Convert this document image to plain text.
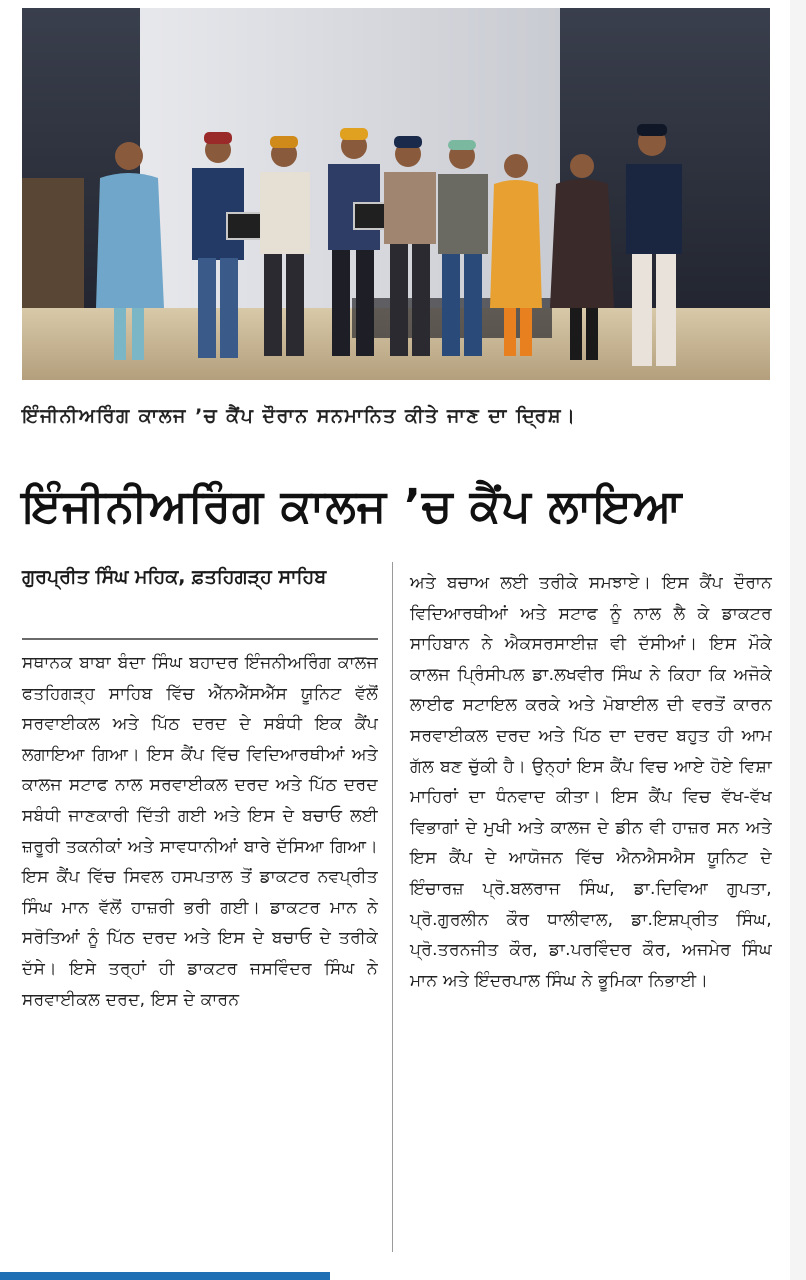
ਇੰਜੀਨੀਅਰਿੰਗ ਕਾਲਜ ’ਚ ਕੈਂਪ ਦੌਰਾਨ ਸਨਮਾਨਿਤ ਕੀਤੇ ਜਾਣ ਦਾ ਦ੍ਰਿਸ਼।
ਇੰਜੀਨੀਅਰਿੰਗ ਕਾਲਜ ’ਚ ਕੈਂਪ ਲਾਇਆ
ਗੁਰਪ੍ਰੀਤ ਸਿੰਘ ਮਹਿਕ, ਫ਼ਤਹਿਗੜ੍ਹ ਸਾਹਿਬ
ਸਥਾਨਕ ਬਾਬਾ ਬੰਦਾ ਸਿੰਘ ਬਹਾਦਰ ਇੰਜਨੀਅਰਿੰਗ ਕਾਲਜ ਫਤਹਿਗੜ੍ਹ ਸਾਹਿਬ ਵਿੱਚ ਐੱਨਐੱਸਐੱਸ ਯੂਨਿਟ ਵੱਲੋਂ ਸਰਵਾਈਕਲ ਅਤੇ ਪਿੱਠ ਦਰਦ ਦੇ ਸਬੰਧੀ ਇਕ ਕੈਂਪ ਲਗਾਇਆ ਗਿਆ। ਇਸ ਕੈਂਪ ਵਿੱਚ ਵਿਦਿਆਰਥੀਆਂ ਅਤੇ ਕਾਲਜ ਸਟਾਫ ਨਾਲ ਸਰਵਾਈਕਲ ਦਰਦ ਅਤੇ ਪਿੱਠ ਦਰਦ ਸਬੰਧੀ ਜਾਣਕਾਰੀ ਦਿੱਤੀ ਗਈ ਅਤੇ ਇਸ ਦੇ ਬਚਾਓ ਲਈ ਜ਼ਰੂਰੀ ਤਕਨੀਕਾਂ ਅਤੇ ਸਾਵਧਾਨੀਆਂ ਬਾਰੇ ਦੱਸਿਆ ਗਿਆ। ਇਸ ਕੈਂਪ ਵਿੱਚ ਸਿਵਲ ਹਸਪਤਾਲ ਤੋਂ ਡਾਕਟਰ ਨਵਪ੍ਰੀਤ ਸਿੰਘ ਮਾਨ ਵੱਲੋਂ ਹਾਜ਼ਰੀ ਭਰੀ ਗਈ। ਡਾਕਟਰ ਮਾਨ ਨੇ ਸਰੋਤਿਆਂ ਨੂੰ ਪਿੱਠ ਦਰਦ ਅਤੇ ਇਸ ਦੇ ਬਚਾਓ ਦੇ ਤਰੀਕੇ ਦੱਸੇ। ਇਸੇ ਤਰ੍ਹਾਂ ਹੀ ਡਾਕਟਰ ਜਸਵਿੰਦਰ ਸਿੰਘ ਨੇ ਸਰਵਾਈਕਲ ਦਰਦ, ਇਸ ਦੇ ਕਾਰਨ
ਅਤੇ ਬਚਾਅ ਲਈ ਤਰੀਕੇ ਸਮਝਾਏ। ਇਸ ਕੈਂਪ ਦੌਰਾਨ ਵਿਦਿਆਰਥੀਆਂ ਅਤੇ ਸਟਾਫ ਨੂੰ ਨਾਲ ਲੈ ਕੇ ਡਾਕਟਰ ਸਾਹਿਬਾਨ ਨੇ ਐਕਸਰਸਾਈਜ਼ ਵੀ ਦੱਸੀਆਂ। ਇਸ ਮੌਕੇ ਕਾਲਜ ਪ੍ਰਿੰਸੀਪਲ ਡਾ.ਲਖਵੀਰ ਸਿੰਘ ਨੇ ਕਿਹਾ ਕਿ ਅਜੋਕੇ ਲਾਈਫ ਸਟਾਇਲ ਕਰਕੇ ਅਤੇ ਮੋਬਾਈਲ ਦੀ ਵਰਤੋਂ ਕਾਰਨ ਸਰਵਾਈਕਲ ਦਰਦ ਅਤੇ ਪਿੱਠ ਦਾ ਦਰਦ ਬਹੁਤ ਹੀ ਆਮ ਗੱਲ ਬਣ ਚੁੱਕੀ ਹੈ। ਉਨ੍ਹਾਂ ਇਸ ਕੈਂਪ ਵਿਚ ਆਏ ਹੋਏ ਵਿਸ਼ਾ ਮਾਹਿਰਾਂ ਦਾ ਧੰਨਵਾਦ ਕੀਤਾ। ਇਸ ਕੈਂਪ ਵਿਚ ਵੱਖ-ਵੱਖ ਵਿਭਾਗਾਂ ਦੇ ਮੁਖੀ ਅਤੇ ਕਾਲਜ ਦੇ ਡੀਨ ਵੀ ਹਾਜ਼ਰ ਸਨ ਅਤੇ ਇਸ ਕੈਂਪ ਦੇ ਆਯੋਜਨ ਵਿੱਚ ਐਨਐਸਐਸ ਯੂਨਿਟ ਦੇ ਇੰਚਾਰਜ਼ ਪ੍ਰੋ.ਬਲਰਾਜ ਸਿੰਘ, ਡਾ.ਦਿਵਿਆ ਗੁਪਤਾ, ਪ੍ਰੋ.ਗੁਰਲੀਨ ਕੌਰ ਧਾਲੀਵਾਲ, ਡਾ.ਇਸ਼ਪ੍ਰੀਤ ਸਿੰਘ, ਪ੍ਰੋ.ਤਰਨਜੀਤ ਕੌਰ, ਡਾ.ਪਰਵਿੰਦਰ ਕੌਰ, ਅਜਮੇਰ ਸਿੰਘ ਮਾਨ ਅਤੇ ਇੰਦਰਪਾਲ ਸਿੰਘ ਨੇ ਭੂਮਿਕਾ ਨਿਭਾਈ।
